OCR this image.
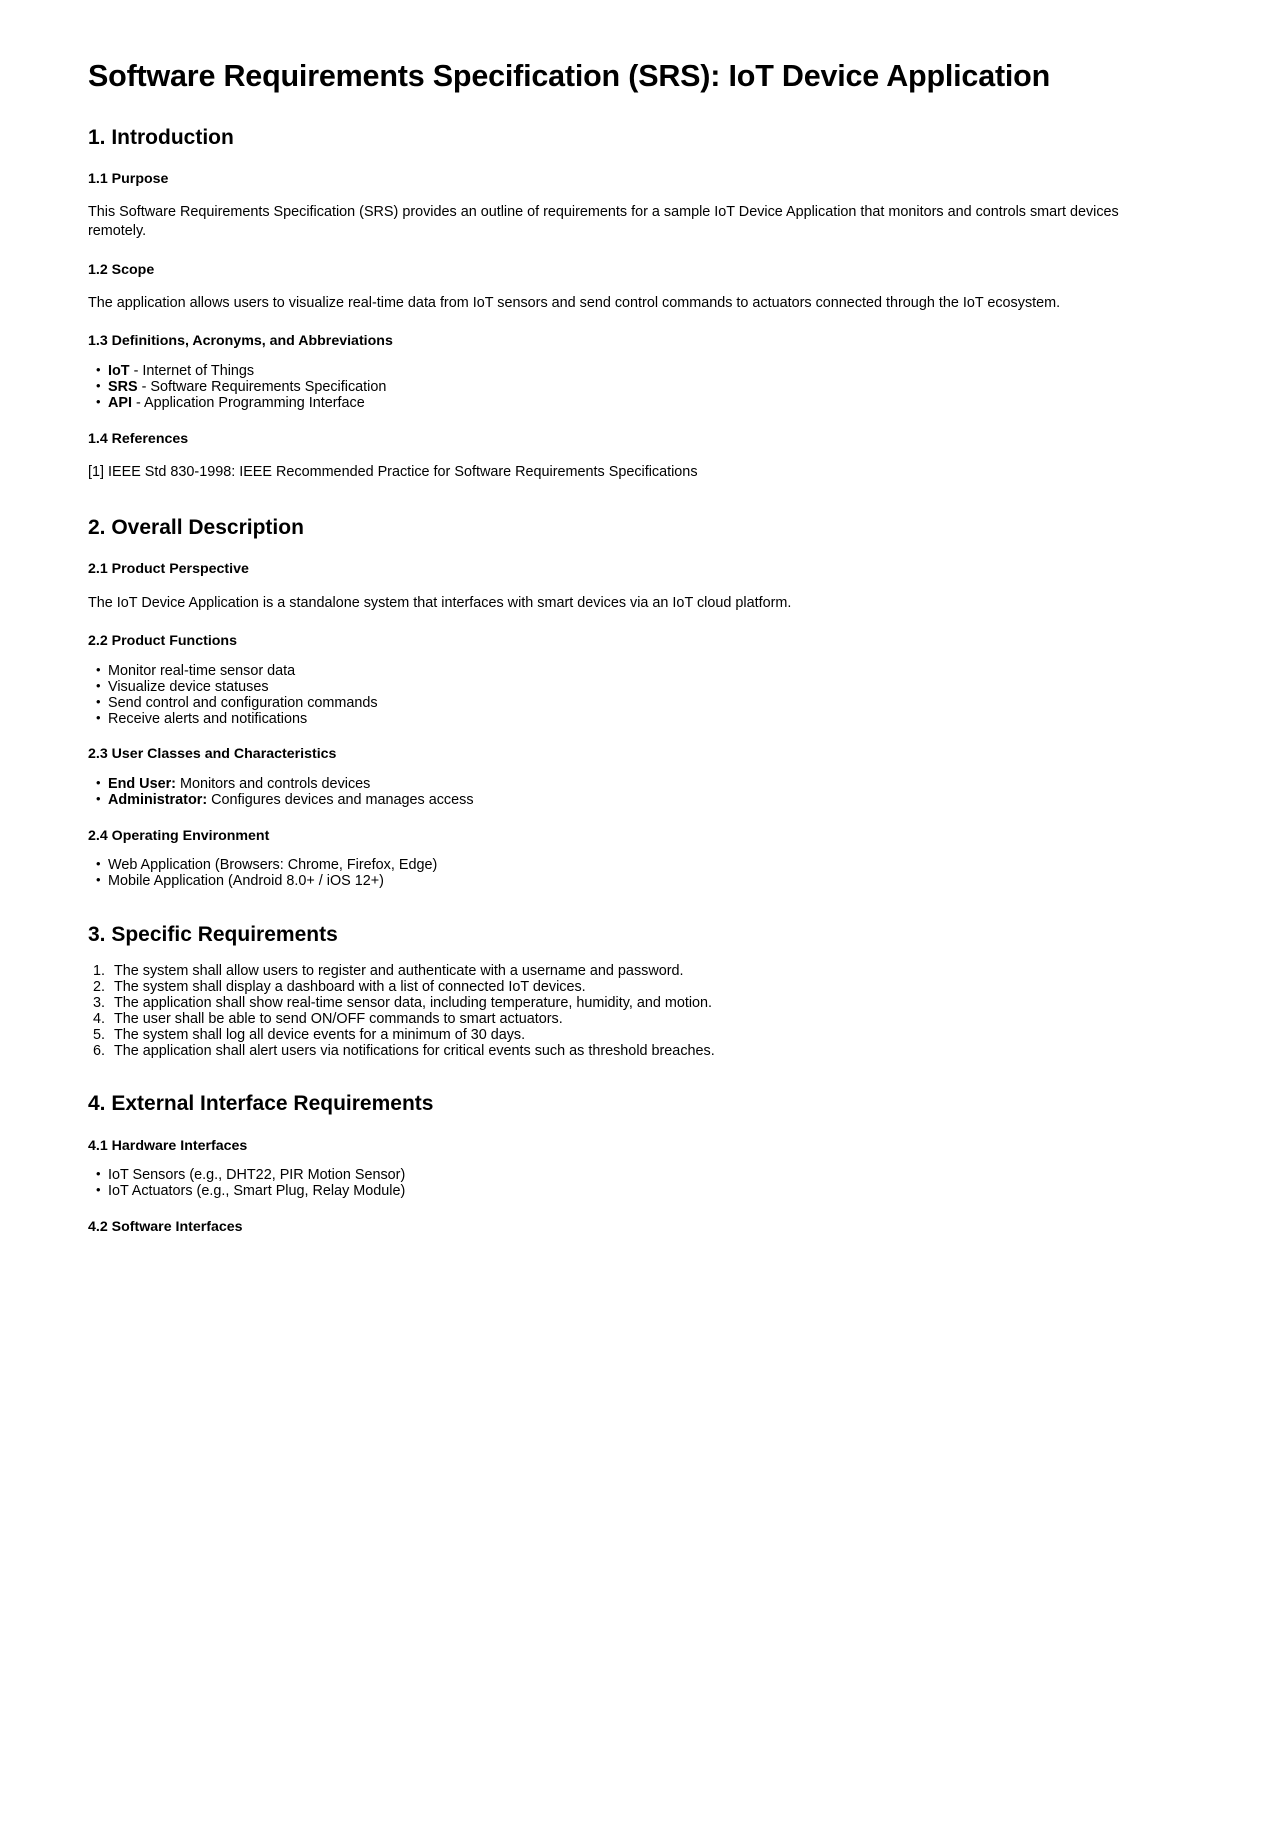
Software Requirements Specification (SRS): IoT Device Application
1. Introduction
1.1 Purpose

This Software Requirements Specification (SRS) provides an outline of requirements for a sample IoT Device Application that monitors and controls smart devices remotely.

1.2 Scope

The application allows users to visualize real-time data from IoT sensors and send control commands to actuators connected through the IoT ecosystem.

1.3 Definitions, Acronyms, and Abbreviations
• IoT - Internet of Things
• SRS - Software Requirements Specification
• API - Application Programming Interface
1.4 References

[1] IEEE Std 830-1998: IEEE Recommended Practice for Software Requirements Specifications

2. Overall Description
2.1 Product Perspective

The IoT Device Application is a standalone system that interfaces with smart devices via an IoT cloud platform.

2.2 Product Functions
• Monitor real-time sensor data
• Visualize device statuses
• Send control and configuration commands
• Receive alerts and notifications
2.3 User Classes and Characteristics
• End User: Monitors and controls devices
• Administrator: Configures devices and manages access
2.4 Operating Environment
• Web Application (Browsers: Chrome, Firefox, Edge)
• Mobile Application (Android 8.0+ / iOS 12+)
3. Specific Requirements
The system shall allow users to register and authenticate with a username and password.
The system shall display a dashboard with a list of connected IoT devices.
The application shall show real-time sensor data, including temperature, humidity, and motion.
The user shall be able to send ON/OFF commands to smart actuators.
The system shall log all device events for a minimum of 30 days.
The application shall alert users via notifications for critical events such as threshold breaches.
4. External Interface Requirements
4.1 Hardware Interfaces
• IoT Sensors (e.g., DHT22, PIR Motion Sensor)
• IoT Actuators (e.g., Smart Plug, Relay Module)
4.2 Software Interfaces
